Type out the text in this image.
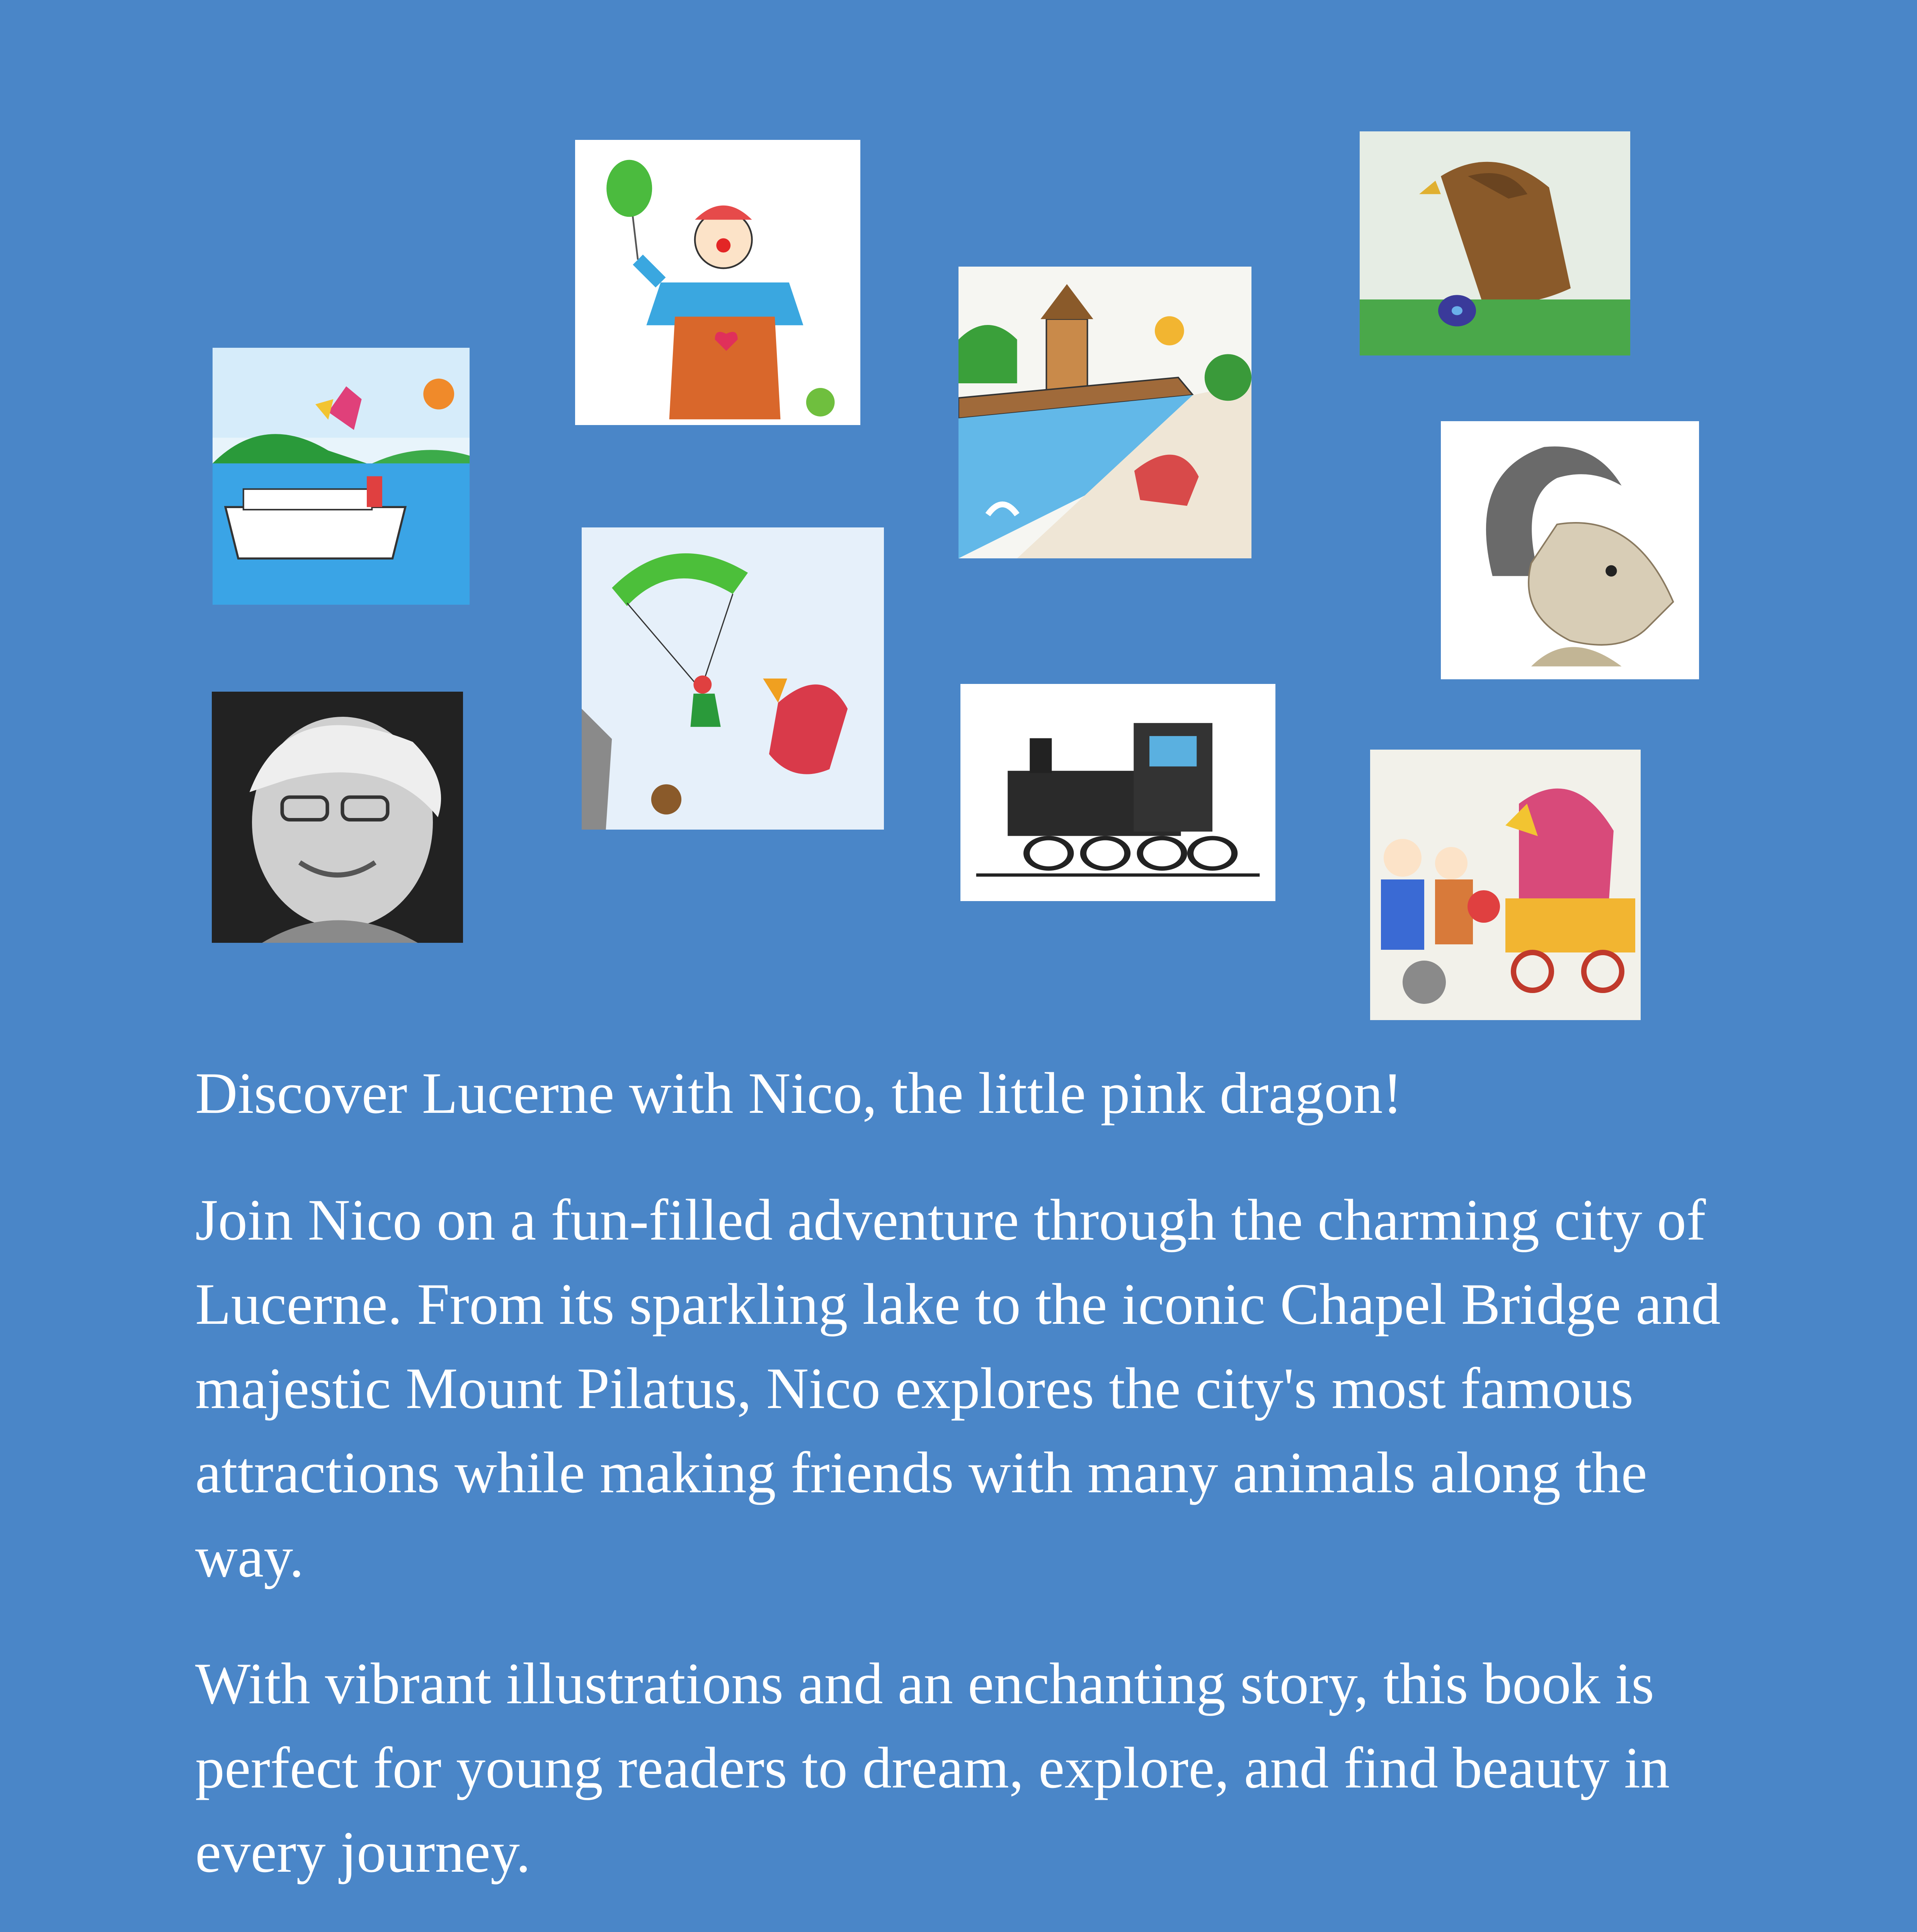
Discover Lucerne with Nico, the little pink dragon!

Join Nico on a fun-filled adventure through the charming city of Lucerne. From its sparkling lake to the iconic Chapel Bridge and majestic Mount Pilatus, Nico explores the city's most famous attractions while making friends with many animals along the way.

With vibrant illustrations and an enchanting story, this book is perfect for young readers to dream, explore, and find beauty in every journey.
